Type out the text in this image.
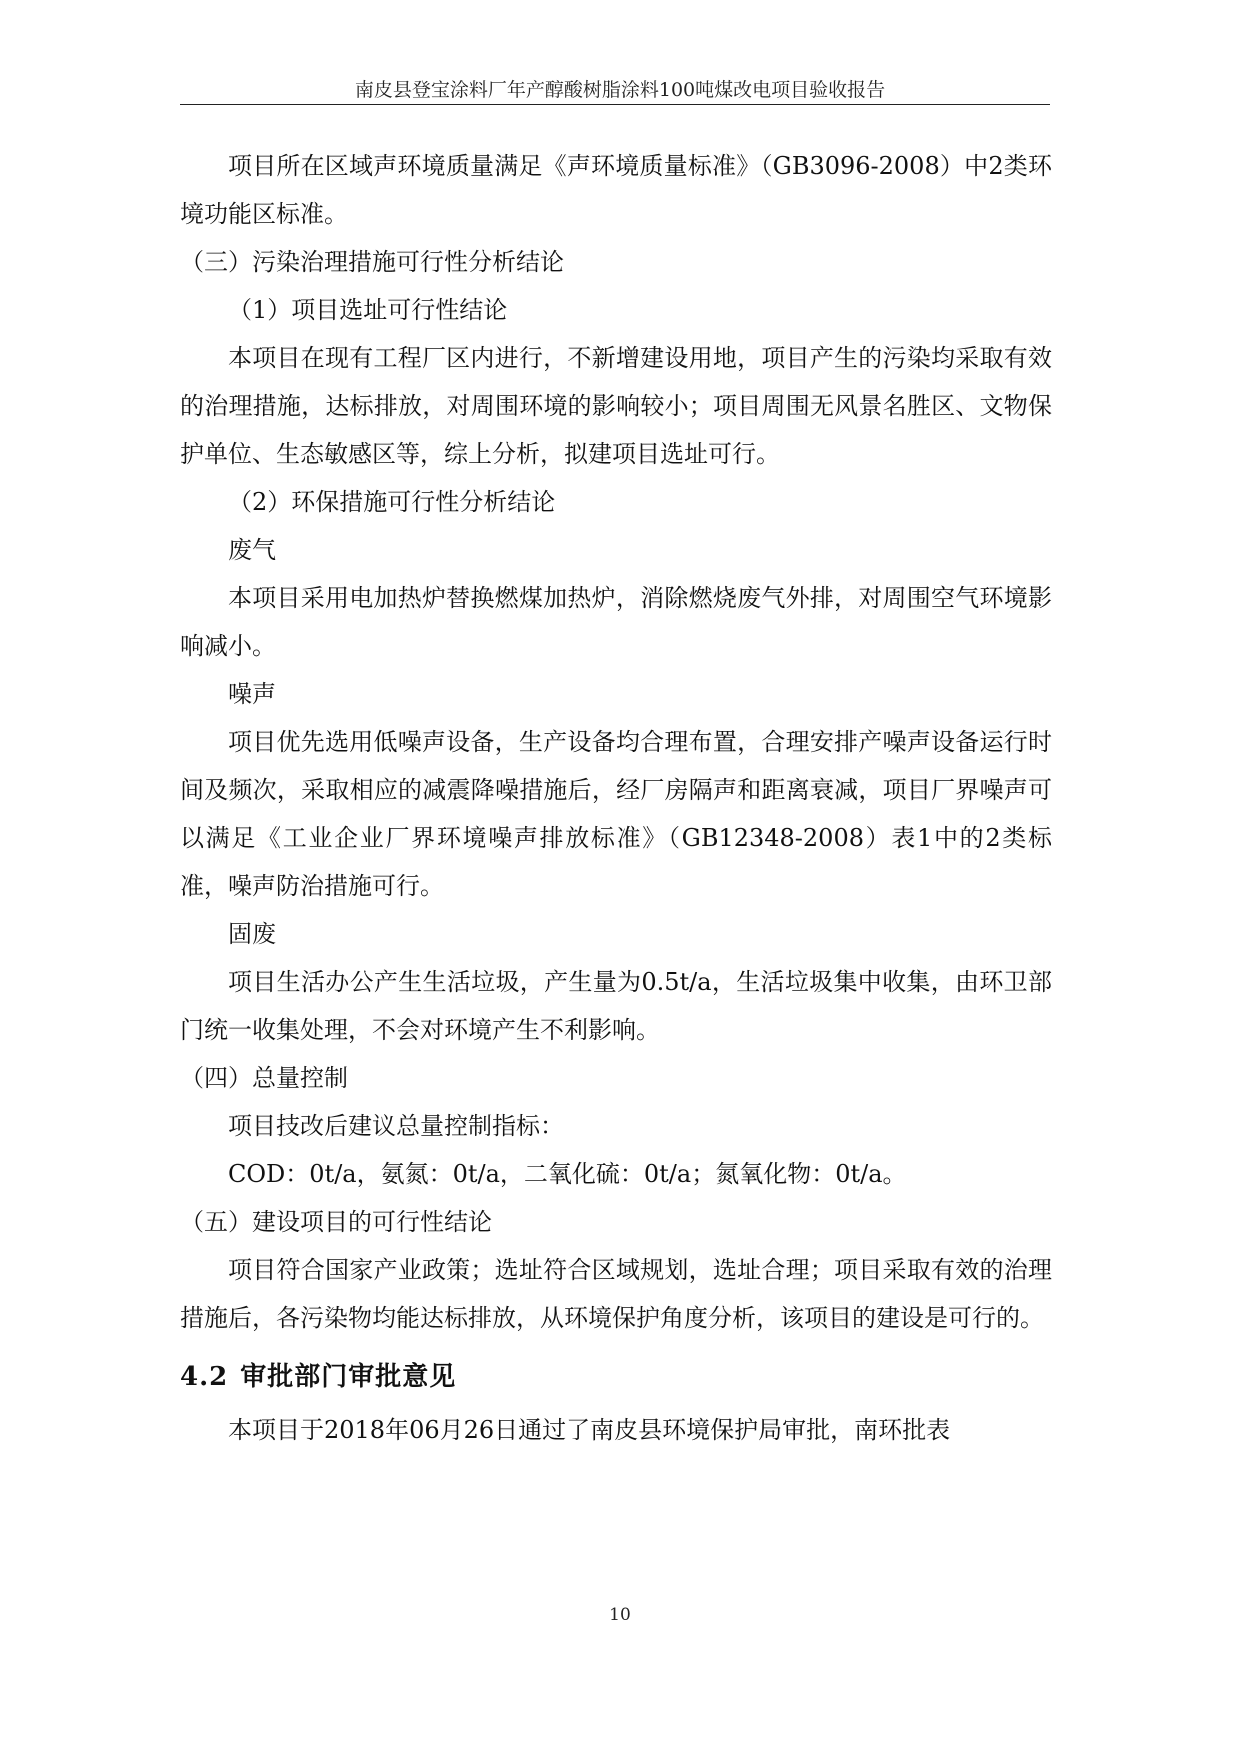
南皮县登宝涂料厂年产醇酸树脂涂料100吨煤改电项目验收报告

项目所在区域声环境质量满足《声环境质量标准》（GB3096-2008）中2类环境功能区标准。

（三）污染治理措施可行性分析结论

（1）项目选址可行性结论

本项目在现有工程厂区内进行，不新增建设用地，项目产生的污染均采取有效的治理措施，达标排放，对周围环境的影响较小；项目周围无风景名胜区、文物保护单位、生态敏感区等，综上分析，拟建项目选址可行。

（2）环保措施可行性分析结论

废气

本项目采用电加热炉替换燃煤加热炉，消除燃烧废气外排，对周围空气环境影响减小。

噪声

项目优先选用低噪声设备，生产设备均合理布置，合理安排产噪声设备运行时间及频次，采取相应的减震降噪措施后，经厂房隔声和距离衰减，项目厂界噪声可以满足《工业企业厂界环境噪声排放标准》（GB12348-2008）表1中的2类标准，噪声防治措施可行。

固废

项目生活办公产生生活垃圾，产生量为0.5t/a，生活垃圾集中收集，由环卫部门统一收集处理，不会对环境产生不利影响。

（四）总量控制

项目技改后建议总量控制指标：

COD：0t/a，氨氮：0t/a，二氧化硫：0t/a；氮氧化物：0t/a。

（五）建设项目的可行性结论

项目符合国家产业政策；选址符合区域规划，选址合理；项目采取有效的治理措施后，各污染物均能达标排放，从环境保护角度分析，该项目的建设是可行的。

4.2 审批部门审批意见

本项目于2018年06月26日通过了南皮县环境保护局审批，南环批表

10
